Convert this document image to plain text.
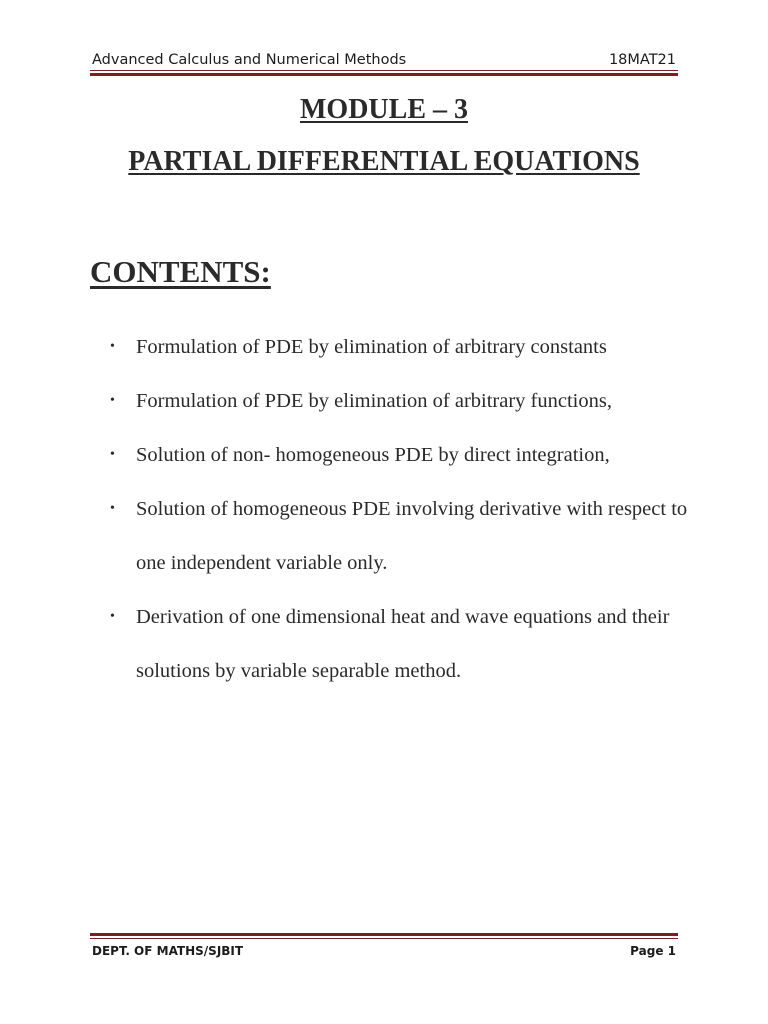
Advanced Calculus and Numerical Methods	18MAT21
MODULE – 3
PARTIAL DIFFERENTIAL EQUATIONS
CONTENTS:
• Formulation of PDE by elimination of arbitrary constants
• Formulation of PDE by elimination of arbitrary functions,
• Solution of non- homogeneous PDE by direct integration,
• Solution of homogeneous PDE involving derivative with respect to one independent variable only.
• Derivation of one dimensional heat and wave equations and their solutions by variable separable method.
DEPT. OF MATHS/SJBIT	Page 1
